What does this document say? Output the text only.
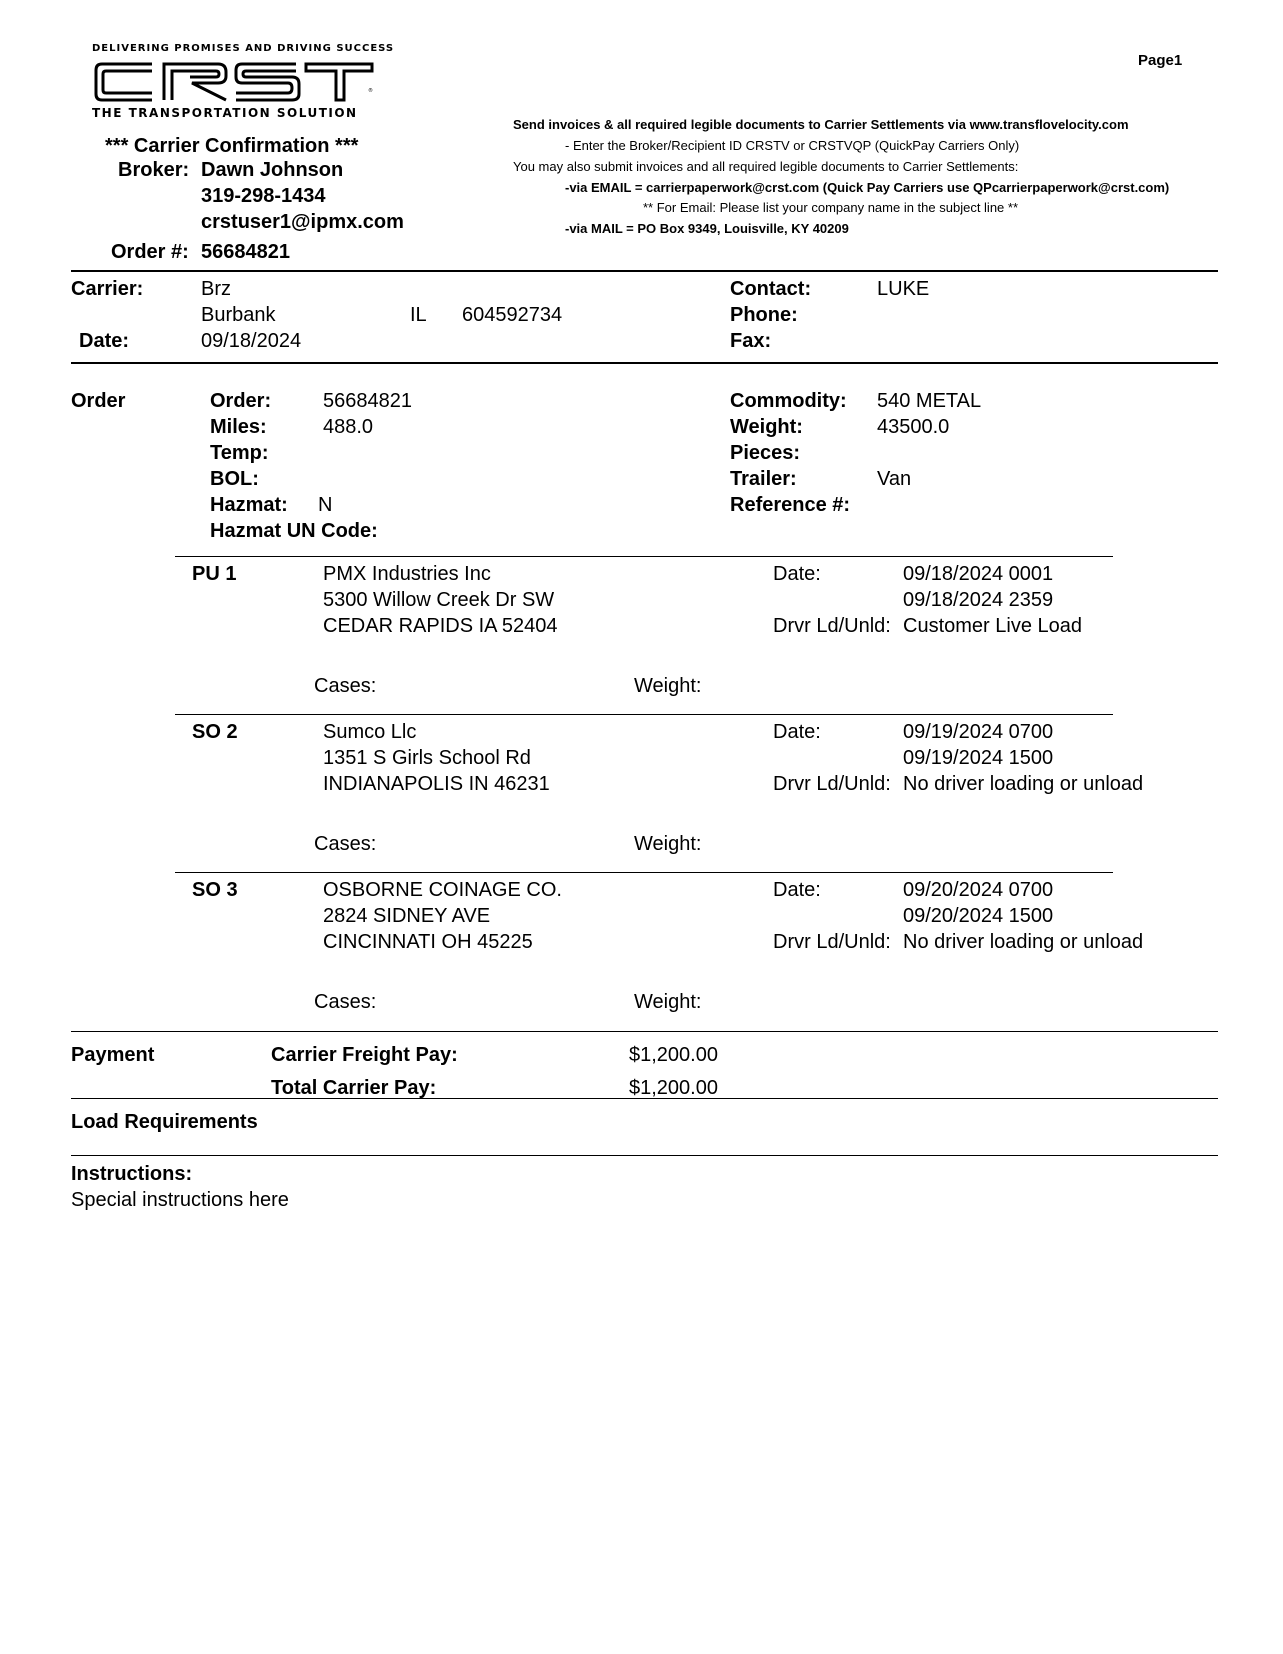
DELIVERING PROMISES AND DRIVING SUCCESS
®
THE TRANSPORTATION SOLUTION
Page1
*** Carrier Confirmation ***
Broker: Dawn Johnson
319-298-1434
crstuser1@ipmx.com
Order #: 56684821
Send invoices & all required legible documents to Carrier Settlements via www.transflovelocity.com
- Enter the Broker/Recipient ID CRSTV or CRSTVQP (QuickPay Carriers Only)
You may also submit invoices and all required legible documents to Carrier Settlements:
-via EMAIL = carrierpaperwork@crst.com (Quick Pay Carriers use QPcarrierpaperwork@crst.com)
** For Email: Please list your company name in the subject line **
-via MAIL = PO Box 9349, Louisville, KY 40209
Carrier:	Brz
Burbank	IL 604592734
Date:	09/18/2024
Contact:	LUKE
Phone:
Fax:
Order	Order:	56684821
Miles:	488.0
Temp:
BOL:
Hazmat: N
Hazmat UN Code:
Commodity: 540 METAL
Weight:	43500.0
Pieces:
Trailer:	Van
Reference #:
PU 1	PMX Industries Inc
5300 Willow Creek Dr SW
CEDAR RAPIDS IA 52404
Date:	09/18/2024 0001
09/18/2024 2359
Drvr Ld/Unld: Customer Live Load
Cases:	Weight:
SO 2	Sumco Llc
1351 S Girls School Rd
INDIANAPOLIS IN 46231
Date:	09/19/2024 0700
09/19/2024 1500
Drvr Ld/Unld: No driver loading or unload
Cases:	Weight:
SO 3	OSBORNE COINAGE CO.
2824 SIDNEY AVE
CINCINNATI OH 45225
Date:	09/20/2024 0700
09/20/2024 1500
Drvr Ld/Unld: No driver loading or unload
Cases:	Weight:
Payment	Carrier Freight Pay:	$1,200.00
Total Carrier Pay:	$1,200.00
Load Requirements
Instructions:
Special instructions here
